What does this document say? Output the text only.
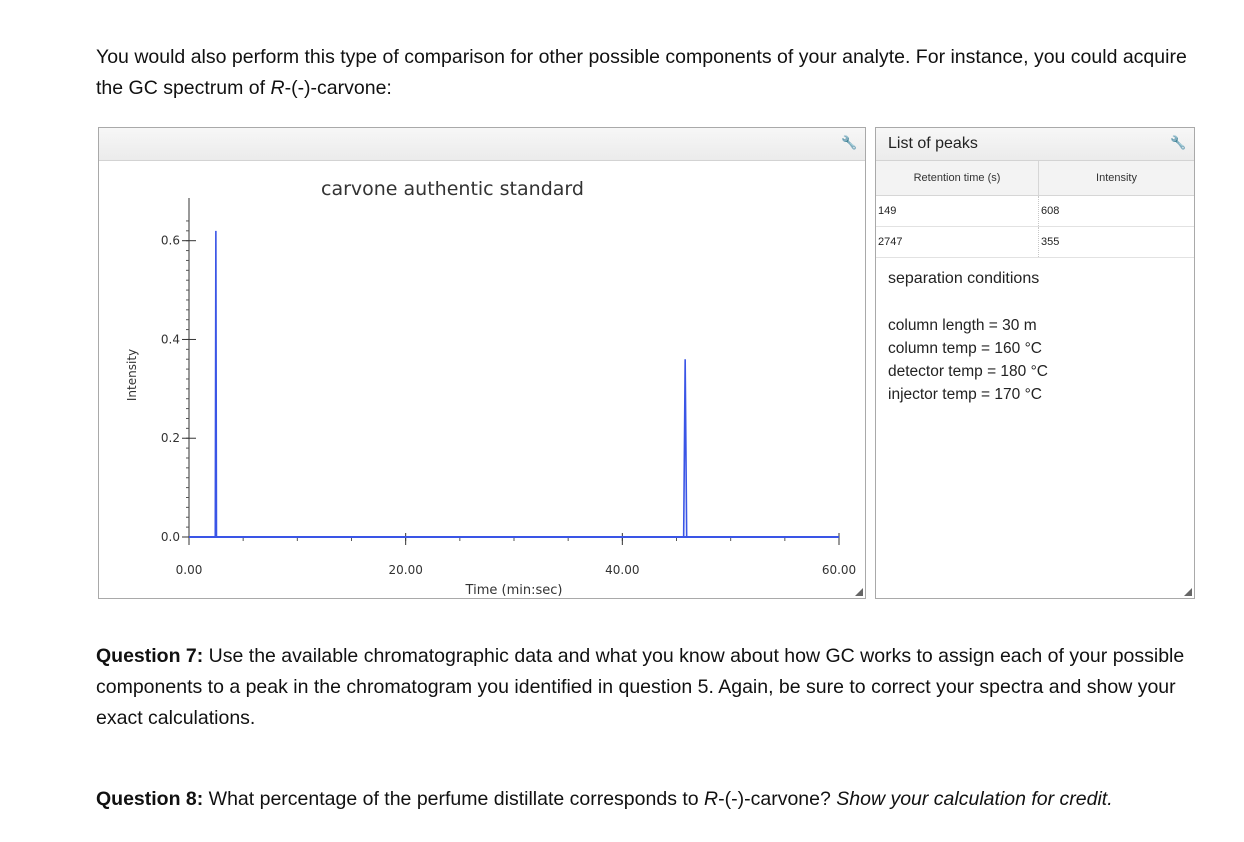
You would also perform this type of comparison for other possible components of your analyte. For instance, you could acquire the GC spectrum of R-(-)-carvone:
🔧
carvone authentic standard
0.0
0.2
0.4
0.6
0.00	20.00	40.00	60.00
Time (min:sec)
Intensity
List of peaks	🔧
Retention time (s)	Intensity
149	608
2747	355
separation conditions
column length = 30 m
column temp = 160 °C
detector temp = 180 °C
injector temp = 170 °C
Question 7: Use the available chromatographic data and what you know about how GC works to assign each of your possible components to a peak in the chromatogram you identified in question 5. Again, be sure to correct your spectra and show your exact calculations.
Question 8: What percentage of the perfume distillate corresponds to R-(-)-carvone? Show your calculation for credit.
